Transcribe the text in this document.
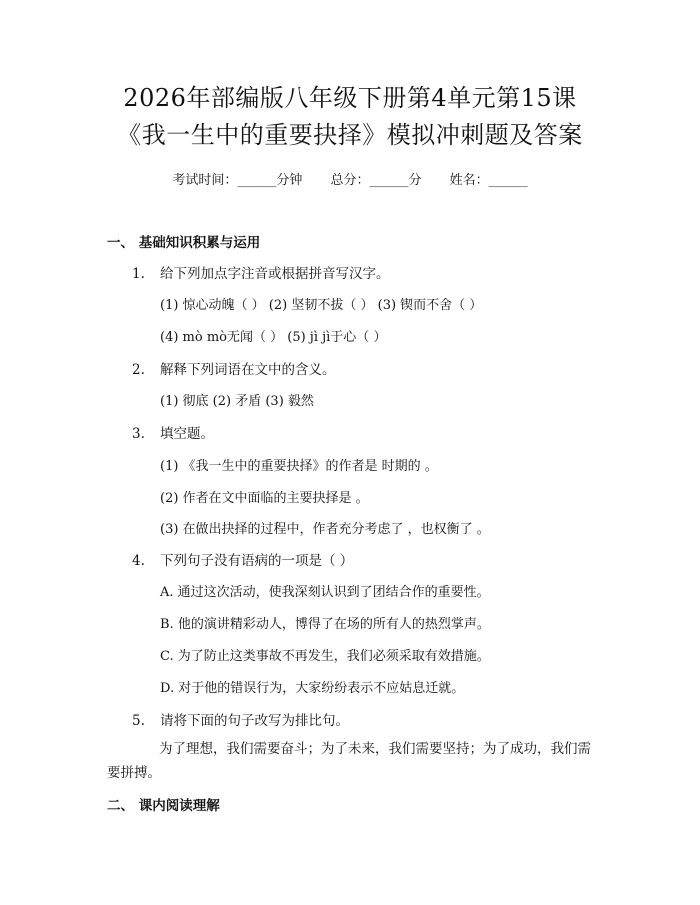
2026年部编版八年级下册第4单元第15课
《我一生中的重要抉择》模拟冲刺题及答案
考试时间：______分钟 总分：______分 姓名：______
一、 基础知识积累与运用
1. 给下列加点字注音或根据拼音写汉字。
(1) 惊心动魄（ ） (2) 坚韧不拔（ ） (3) 锲而不舍（ ）
(4) mò mò无闻（ ） (5) jì jì于心（ ）
2. 解释下列词语在文中的含义。
(1) 彻底 (2) 矛盾 (3) 毅然
3. 填空题。
(1) 《我一生中的重要抉择》的作者是 时期的 。
(2) 作者在文中面临的主要抉择是 。
(3) 在做出抉择的过程中，作者充分考虑了 ，也权衡了 。
4. 下列句子没有语病的一项是（ ）
A. 通过这次活动，使我深刻认识到了团结合作的重要性。
B. 他的演讲精彩动人，博得了在场的所有人的热烈掌声。
C. 为了防止这类事故不再发生，我们必须采取有效措施。
D. 对于他的错误行为，大家纷纷表示不应姑息迁就。
5. 请将下面的句子改写为排比句。
为了理想，我们需要奋斗；为了未来，我们需要坚持；为了成功，我们需要拼搏。
二、 课内阅读理解
